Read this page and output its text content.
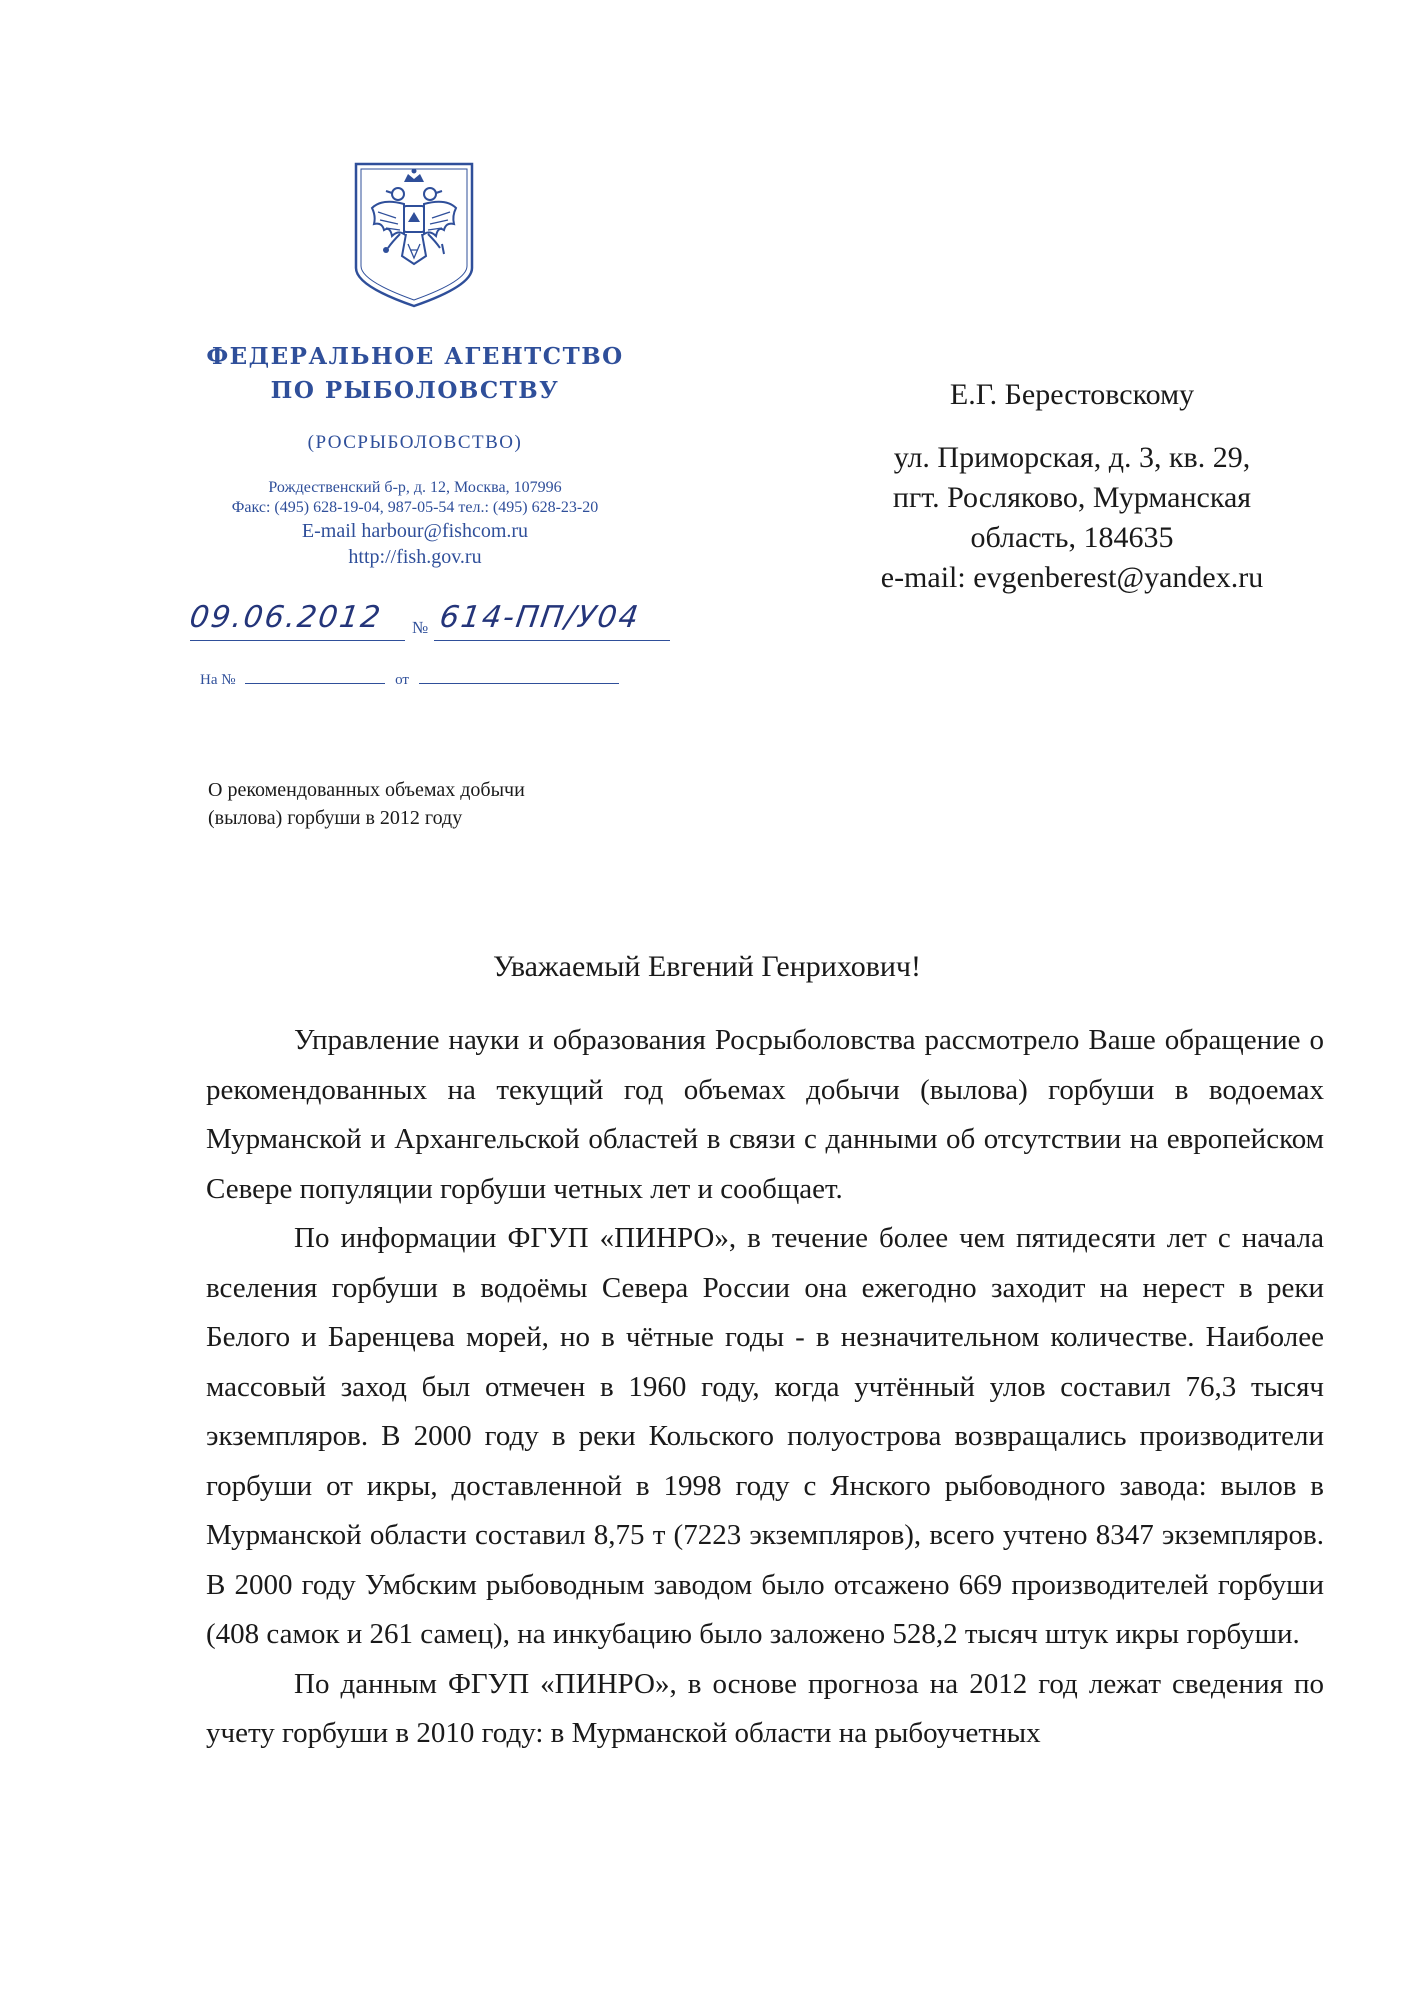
ФЕДЕРАЛЬНОЕ АГЕНТСТВО
ПО РЫБОЛОВСТВУ
(РОСРЫБОЛОВСТВО)
Рождественский б-р, д. 12, Москва, 107996
Факс: (495) 628-19-04, 987-05-54 тел.: (495) 628-23-20
E-mail harbour@fishcom.ru
http://fish.gov.ru
09.06.2012 № 614-ПП/У04
На №	от
Е.Г. Берестовскому
ул. Приморская, д. 3, кв. 29,
пгт. Росляково, Мурманская
область, 184635
e-mail: evgenberest@yandex.ru
О рекомендованных объемах добычи
(вылова) горбуши в 2012 году
Уважаемый Евгений Генрихович!

Управление науки и образования Росрыболовства рассмотрело Ваше обращение о рекомендованных на текущий год объемах добычи (вылова) горбуши в водоемах Мурманской и Архангельской областей в связи с данными об отсутствии на европейском Севере популяции горбуши четных лет и сообщает.

По информации ФГУП «ПИНРО», в течение более чем пятидесяти лет с начала вселения горбуши в водоёмы Севера России она ежегодно заходит на нерест в реки Белого и Баренцева морей, но в чётные годы - в незначительном количестве. Наиболее массовый заход был отмечен в 1960 году, когда учтённый улов составил 76,3 тысяч экземпляров. В 2000 году в реки Кольского полуострова возвращались производители горбуши от икры, доставленной в 1998 году с Янского рыбоводного завода: вылов в Мурманской области составил 8,75 т (7223 экземпляров), всего учтено 8347 экземпляров. В 2000 году Умбским рыбоводным заводом было отсажено 669 производителей горбуши (408 самок и 261 самец), на инкубацию было заложено 528,2 тысяч штук икры горбуши.

По данным ФГУП «ПИНРО», в основе прогноза на 2012 год лежат сведения по учету горбуши в 2010 году: в Мурманской области на рыбоучетных
